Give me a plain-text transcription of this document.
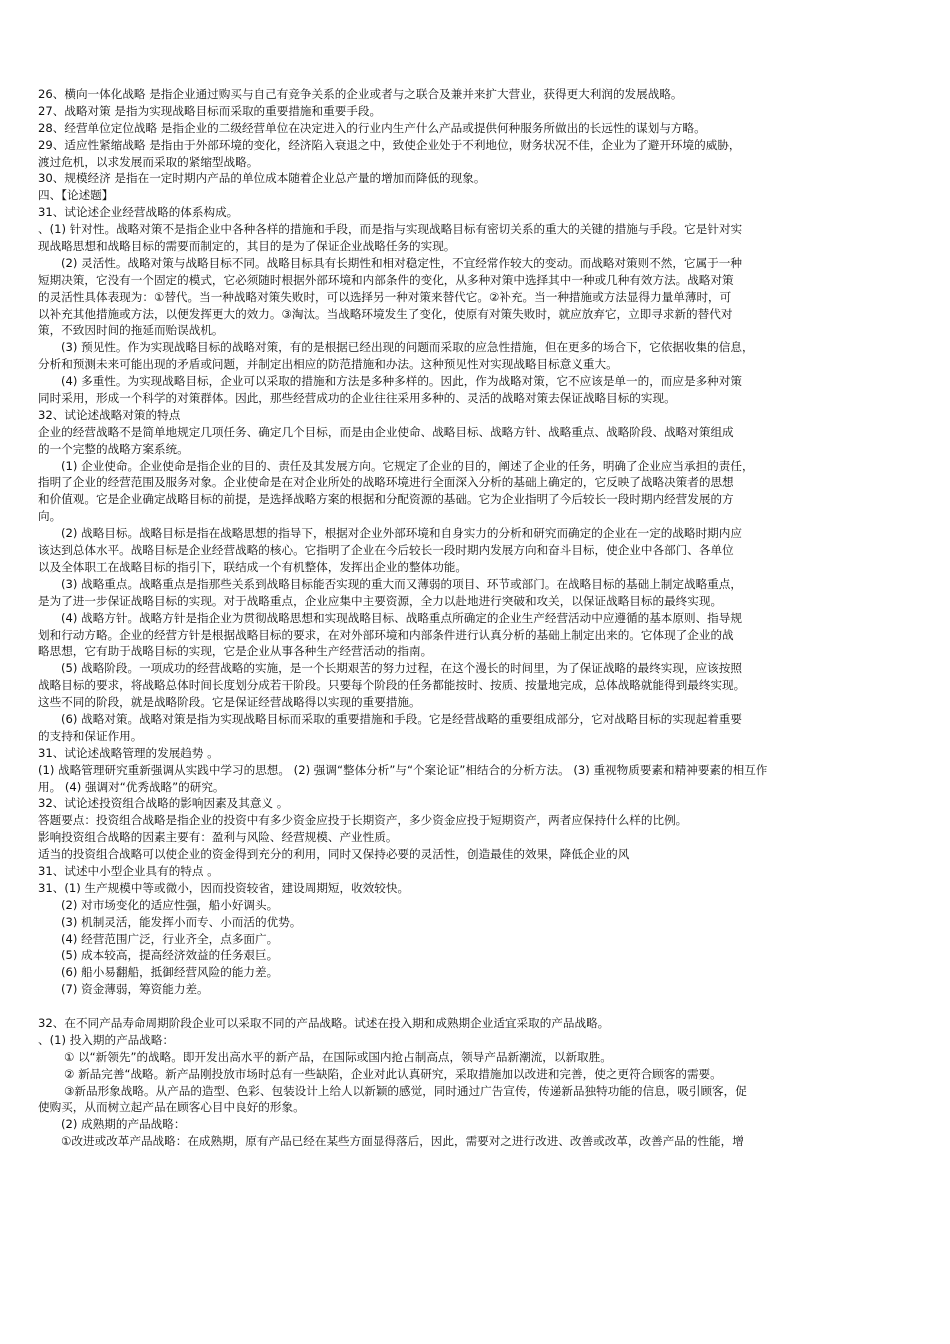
26、横向一体化战略 是指企业通过购买与自己有竞争关系的企业或者与之联合及兼并来扩大营业，获得更大利润的发展战略。
27、战略对策 是指为实现战略目标而采取的重要措施和重要手段。
28、经营单位定位战略 是指企业的二级经营单位在决定进入的行业内生产什么产品或提供何种服务所做出的长远性的谋划与方略。
29、适应性紧缩战略 是指由于外部环境的变化，经济陷入衰退之中，致使企业处于不利地位，财务状况不佳，企业为了避开环境的威胁，
渡过危机，以求发展而采取的紧缩型战略。
30、规模经济 是指在一定时期内产品的单位成本随着企业总产量的增加而降低的现象。
四、【论述题】
31、试论述企业经营战略的体系构成。
、(1) 针对性。战略对策不是指企业中各种各样的措施和手段，而是指与实现战略目标有密切关系的重大的关键的措施与手段。它是针对实
现战略思想和战略目标的需要而制定的，其目的是为了保证企业战略任务的实现。
(2) 灵活性。战略对策与战略目标不同。战略目标具有长期性和相对稳定性，不宜经常作较大的变动。而战略对策则不然，它属于一种
短期决策，它没有一个固定的模式，它必须随时根据外部环境和内部条件的变化，从多种对策中选择其中一种或几种有效方法。战略对策
的灵活性具体表现为：①替代。当一种战略对策失败时，可以选择另一种对策来替代它。②补充。当一种措施或方法显得力量单薄时，可
以补充其他措施或方法，以便发挥更大的效力。③淘汰。当战略环境发生了变化，使原有对策失败时，就应放弃它，立即寻求新的替代对
策，不致因时间的拖延而贻误战机。
(3) 预见性。作为实现战略目标的战略对策，有的是根据已经出现的问题而采取的应急性措施，但在更多的场合下，它依据收集的信息，
分析和预测未来可能出现的矛盾或问题，并制定出相应的防范措施和办法。这种预见性对实现战略目标意义重大。
(4) 多重性。为实现战略目标，企业可以采取的措施和方法是多种多样的。因此，作为战略对策，它不应该是单一的，而应是多种对策
同时采用，形成一个科学的对策群体。因此，那些经营成功的企业往往采用多种的、灵活的战略对策去保证战略目标的实现。
32、试论述战略对策的特点
企业的经营战略不是简单地规定几项任务、确定几个目标，而是由企业使命、战略目标、战略方针、战略重点、战略阶段、战略对策组成
的一个完整的战略方案系统。
(1) 企业使命。企业使命是指企业的目的、责任及其发展方向。它规定了企业的目的，阐述了企业的任务，明确了企业应当承担的责任，
指明了企业的经营范围及服务对象。企业使命是在对企业所处的战略环境进行全面深入分析的基础上确定的，它反映了战略决策者的思想
和价值观。它是企业确定战略目标的前提，是选择战略方案的根据和分配资源的基础。它为企业指明了今后较长一段时期内经营发展的方
向。
(2) 战略目标。战略目标是指在战略思想的指导下，根据对企业外部环境和自身实力的分析和研究而确定的企业在一定的战略时期内应
该达到总体水平。战略目标是企业经营战略的核心。它指明了企业在今后较长一段时期内发展方向和奋斗目标，使企业中各部门、各单位
以及全体职工在战略目标的指引下，联结成一个有机整体，发挥出企业的整体功能。
(3) 战略重点。战略重点是指那些关系到战略目标能否实现的重大而又薄弱的项目、环节或部门。在战略目标的基础上制定战略重点，
是为了进一步保证战略目标的实现。对于战略重点，企业应集中主要资源，全力以赴地进行突破和攻关，以保证战略目标的最终实现。
(4) 战略方针。战略方针是指企业为贯彻战略思想和实现战略目标、战略重点所确定的企业生产经营活动中应遵循的基本原则、指导规
划和行动方略。企业的经营方针是根据战略目标的要求，在对外部环境和内部条件进行认真分析的基础上制定出来的。它体现了企业的战
略思想，它有助于战略目标的实现，它是企业从事各种生产经营活动的指南。
(5) 战略阶段。一项成功的经营战略的实施，是一个长期艰苦的努力过程，在这个漫长的时间里，为了保证战略的最终实现，应该按照
战略目标的要求，将战略总体时间长度划分成若干阶段。只要每个阶段的任务都能按时、按质、按量地完成，总体战略就能得到最终实现。
这些不同的阶段，就是战略阶段。它是保证经营战略得以实现的重要措施。
(6) 战略对策。战略对策是指为实现战略目标而采取的重要措施和手段。它是经营战略的重要组成部分，它对战略目标的实现起着重要
的支持和保证作用。
31、试论述战略管理的发展趋势 。
(1) 战略管理研究重新强调从实践中学习的思想。 (2) 强调“整体分析”与“个案论证”相结合的分析方法。 (3) 重视物质要素和精神要素的相互作
用。 (4) 强调对“优秀战略”的研究。
32、试论述投资组合战略的影响因素及其意义 。
答题要点：投资组合战略是指企业的投资中有多少资金应投于长期资产，多少资金应投于短期资产，两者应保持什么样的比例。
影响投资组合战略的因素主要有：盈利与风险、经营规模、产业性质。
适当的投资组合战略可以使企业的资金得到充分的利用，同时又保持必要的灵活性，创造最佳的效果，降低企业的风
31、试述中小型企业具有的特点 。
31、(1) 生产规模中等或微小，因而投资较省，建设周期短，收效较快。
(2) 对市场变化的适应性强，船小好调头。
(3) 机制灵活，能发挥小而专、小而活的优势。
(4) 经营范围广泛，行业齐全，点多面广。
(5) 成本较高，提高经济效益的任务艰巨。
(6) 船小易翻船，抵御经营风险的能力差。
(7) 资金薄弱，筹资能力差。
32、在不同产品寿命周期阶段企业可以采取不同的产品战略。试述在投入期和成熟期企业适宜采取的产品战略。
、(1) 投入期的产品战略：
① 以“新领先”的战略。即开发出高水平的新产品，在国际或国内抢占制高点，领导产品新潮流，以新取胜。
② 新品完善“战略。新产品刚投放市场时总有一些缺陷，企业对此认真研究，采取措施加以改进和完善，使之更符合顾客的需要。
③新品形象战略。从产品的造型、色彩、包装设计上给人以新颖的感觉，同时通过广告宣传，传递新品独特功能的信息，吸引顾客，促
使购买，从而树立起产品在顾客心目中良好的形象。
(2) 成熟期的产品战略：
①改进或改革产品战略：在成熟期，原有产品已经在某些方面显得落后，因此，需要对之进行改进、改善或改革，改善产品的性能，增
